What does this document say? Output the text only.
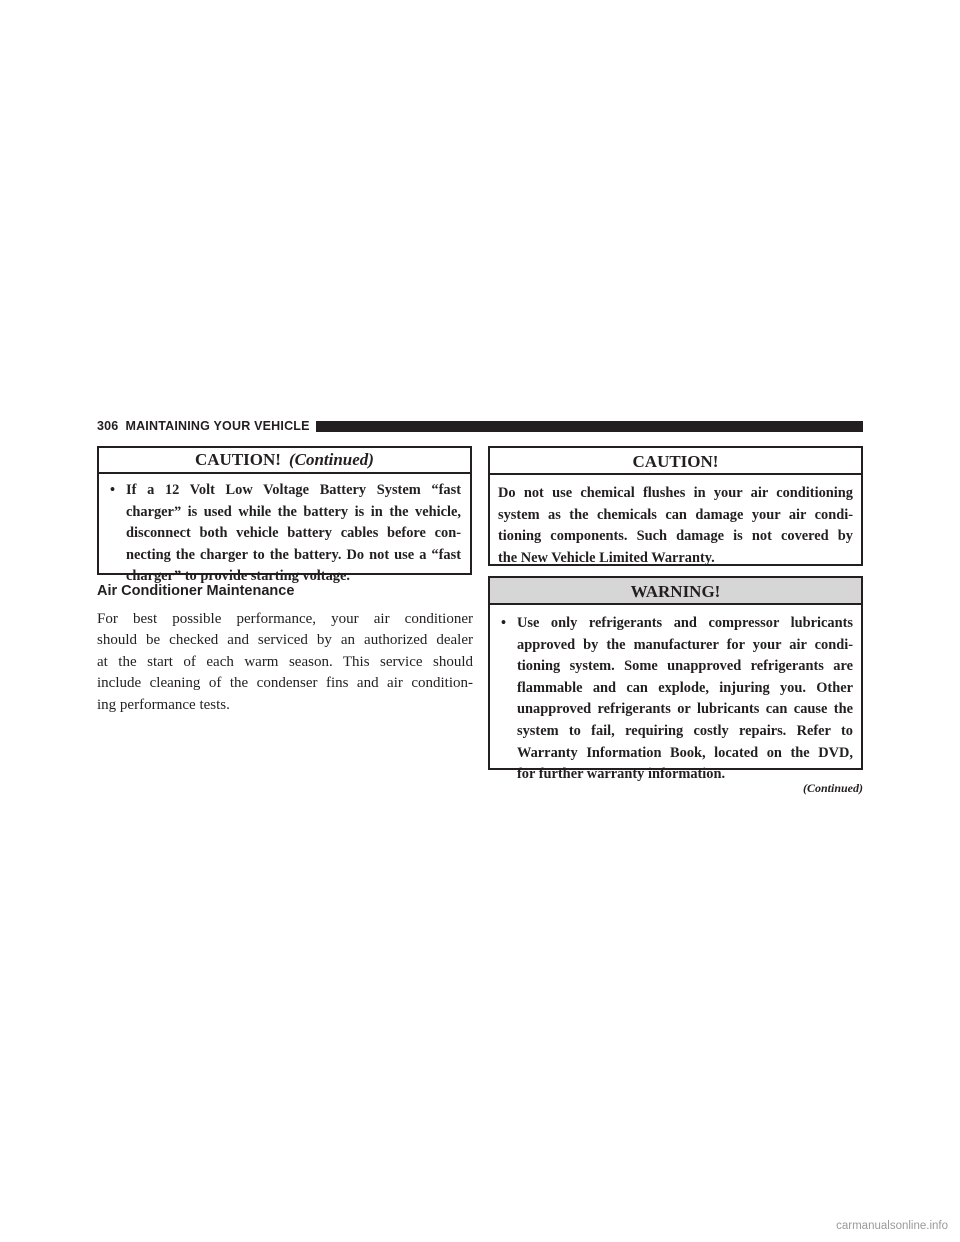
306 MAINTAINING YOUR VEHICLE
CAUTION! (Continued)
• If a 12 Volt Low Voltage Battery System “fast
charger” is used while the battery is in the vehicle,
disconnect both vehicle battery cables before con-
necting the charger to the battery. Do not use a “fast
charger” to provide starting voltage.
Air Conditioner Maintenance
For best possible performance, your air conditioner
should be checked and serviced by an authorized dealer
at the start of each warm season. This service should
include cleaning of the condenser fins and air condition-
ing performance tests.
CAUTION!
Do not use chemical flushes in your air conditioning
system as the chemicals can damage your air condi-
tioning components. Such damage is not covered by
the New Vehicle Limited Warranty.
WARNING!
• Use only refrigerants and compressor lubricants
approved by the manufacturer for your air condi-
tioning system. Some unapproved refrigerants are
flammable and can explode, injuring you. Other
unapproved refrigerants or lubricants can cause the
system to fail, requiring costly repairs. Refer to
Warranty Information Book, located on the DVD,
for further warranty information.
(Continued)
carmanualsonline.info
